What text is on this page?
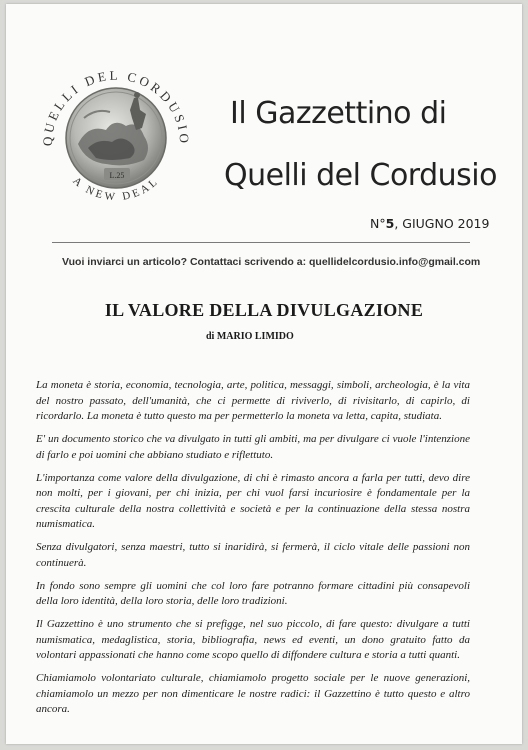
QUELLI DEL CORDUSIO
A NEW DEAL
L.25
Il Gazzettino di
Quelli del Cordusio
N°5, GIUGNO 2019
Vuoi inviarci un articolo? Contattaci scrivendo a: quellidelcordusio.info@gmail.com
IL VALORE DELLA DIVULGAZIONE
di MARIO LIMIDO

La moneta è storia, economia, tecnologia, arte, politica, messaggi, simboli, archeologia, è la vita del nostro passato, dell'umanità, che ci permette di riviverlo, di rivisitarlo, di capirlo, di ricordarlo. La moneta è tutto questo ma per permetterlo la moneta va letta, capita, studiata.

E' un documento storico che va divulgato in tutti gli ambiti, ma per divulgare ci vuole l'intenzione di farlo e poi uomini che abbiano studiato e riflettuto.

L'importanza come valore della divulgazione, di chi è rimasto ancora a farla per tutti, devo dire non molti, per i giovani, per chi inizia, per chi vuol farsi incuriosire è fondamentale per la crescita culturale della nostra collettività e società e per la continuazione della stessa nostra numismatica.

Senza divulgatori, senza maestri, tutto si inaridirà, si fermerà, il ciclo vitale delle passioni non continuerà.

In fondo sono sempre gli uomini che col loro fare potranno formare cittadini più consapevoli della loro identità, della loro storia, delle loro tradizioni.

Il Gazzettino è uno strumento che si prefigge, nel suo piccolo, di fare questo: divulgare a tutti numismatica, medaglistica, storia, bibliografia, news ed eventi, un dono gratuito fatto da volontari appassionati che hanno come scopo quello di diffondere cultura e storia a tutti quanti.

Chiamiamolo volontariato culturale, chiamiamolo progetto sociale per le nuove generazioni, chiamiamolo un mezzo per non dimenticare le nostre radici: il Gazzettino è tutto questo e altro ancora.
